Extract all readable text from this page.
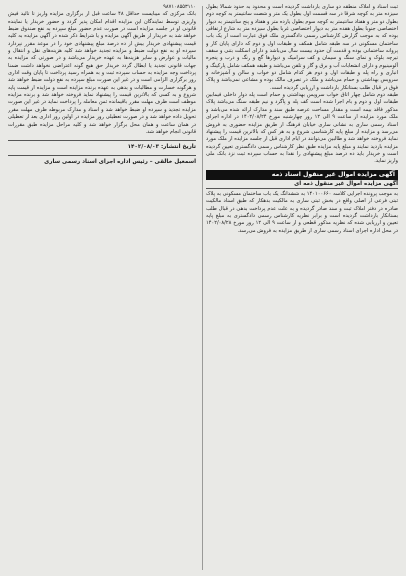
ثبت اسناد و املاک منطقه دو ساری بازداشت گردیده است و محدود به حدود شمالا بطول سیزده متر به کوچه شرقا در سه قسمت اول بطول یک متر و شصت سانتیمتر به کوچه دوم بطول دو متر و هفتاد سانتیمتر به کوچه سوم بطول یازده متر و هفتاد و پنج سانتیمتر به دیوار اختصاصی جنوبا بطول هفده متر به دیوار اختصاصی غربا بطول سیزده متر به شارع ارتفاقی بوده که به موجب گزارش کارشناس رسمی دادگستری ملک فوق عبارت است از یک باب ساختمان مسکونی در سه طبقه شامل همکف و طبقات اول و دوم که دارای پایان کار و پروانه ساختمانی بوده و قدمت آن حدود بیست سال می‌باشد و دارای اسکلت بتنی و سقف تیرچه بلوک و نمای سنگ و سیمان و کف سرامیک و دیوارها گچ و رنگ و درب و پنجره آلومینیوم و دارای انشعابات آب و برق و گاز و تلفن می‌باشد و طبقه همکف شامل پارکینگ و انباری و راه پله و طبقات اول و دوم هر کدام شامل دو خواب و سالن و آشپزخانه و سرویس بهداشتی و حمام می‌باشد و ملک در تصرف مالک بوده و مشاعی نمی‌باشد و پلاک فوق در قبال طلب بستانکار بازداشت و ارزیابی گردیده است.

طبقه دوم شامل چهار اتاق خواب سرویس بهداشتی و حمام است پله دوار داخلی فیمابین طبقات اول و دوم و بام اجرا شده است کف پله و پاگرد و نیم طبقه سنگ می‌باشد پلاک مذکور فاقد بیمه است و مقدار مساحت عرصه طبق سند و مدارک ارائه شده می‌باشد و ملک مورد مزایده از ساعت ۹ الی ۱۲ روز چهارشنبه مورخ ۱۴۰۲/۰۸/۲۴ در اداره اجرای اسناد رسمی ساری به نشانی ساری خیابان فرهنگ از طریق مزایده حضوری به فروش می‌رسد و مزایده از مبلغ پایه کارشناسی شروع و به هر کس که بالاترین قیمت را پیشنهاد نماید فروخته خواهد شد و طالبین می‌توانند در ایام اداری قبل از جلسه مزایده از ملک مورد مزایده بازدید نمایند و مبلغ پایه مزایده طبق نظر کارشناس رسمی دادگستری تعیین گردیده است و خریدار باید ده درصد مبلغ پیشنهادی را نقدا به حساب سپرده ثبت نزد بانک ملی واریز نماید.

آگهی مزایده اموال غیر منقول اسناد ذمه
آگهی مزایده اموال غیر منقول ذمه ای

به موجب پرونده اجرایی کلاسه ۱۴۰۱۰۰۶۶۰ به ششدانگ یک باب ساختمان مسکونی به پلاک ثبتی فرعی از اصلی واقع در بخش ثبتی ساری به مالکیت بدهکار که طبق اسناد مالکیت صادره در دفتر املاک ثبت و سند صادر گردیده و به علت عدم پرداخت بدهی در قبال طلب بستانکار بازداشت گردیده است و برابر نظریه کارشناس رسمی دادگستری به مبلغ پایه تعیین و ارزیابی شده که نظریه مذکور قطعی و از ساعت ۹ الی ۱۲ روز مورخ ۱۴۰۲/۰۸/۲۸ در محل اداره اجرای اسناد رسمی ساری از طریق مزایده به فروش می‌رسد.

۹۸۷۱۰۸۵۵۳۱۱۰

بانک مرکزی که میبایست حداقل ۴۸ ساعت قبل از برگزاری مزایده واریز تا تائید فیش واریزی توسط نمایندگان این مزایده اقدام امکان پذیر گردد و حضور خریدار یا نماینده قانونی او در جلسه مزایده است در صورت عدم حضور مبلغ سپرده به نفع صندوق ضبط خواهد شد به خریدار از طریق آگهی مزایده و یا شرایط ذکر شده در آگهی مزایده به کلیه قیمت پیشنهادی خریدار بیش از ده درصد مبلغ پیشنهادی خود را در موعد مقرر نپردازد سپرده او به نفع دولت ضبط و مزایده تجدید خواهد شد کلیه هزینه‌های نقل و انتقال و مالیات و عوارض و سایر هزینه‌ها به عهده خریدار می‌باشد و در صورتی که مزایده به جهات قانونی تجدید یا ابطال گردد خریدار حق هیچ گونه اعتراضی نخواهد داشت ضمنا پرداخت وجه مزایده به حساب سپرده ثبت و به همراه رسید پرداخت تا پایان وقت اداری روز برگزاری الزامی است و در غیر این صورت مبلغ سپرده به نفع دولت ضبط خواهد شد و هرگونه خسارت و مطالبات و بدهی به عهده برنده مزایده است و مزایده از قیمت پایه شروع و به کسی که بالاترین قیمت را پیشنهاد نماید فروخته خواهد شد و برنده مزایده موظف است ظرف مهلت مقرر باقیمانده ثمن معامله را پرداخت نماید در غیر این صورت مزایده تجدید و سپرده او ضبط خواهد شد و اسناد و مدارک مربوطه ظرف مهلت مقرر تحویل داده خواهد شد و در صورت تعطیلی روز مزایده در اولین روز اداری بعد از تعطیلی در همان ساعت و همان محل برگزار خواهد شد و کلیه مراحل مزایده طبق مقررات قانونی انجام خواهد شد.

تاریخ انتشار: ۱۴۰۲/۰۸/۰۳
اسمعیل خالقی – رئیس اداره اجرای اسناد رسمی ساری
